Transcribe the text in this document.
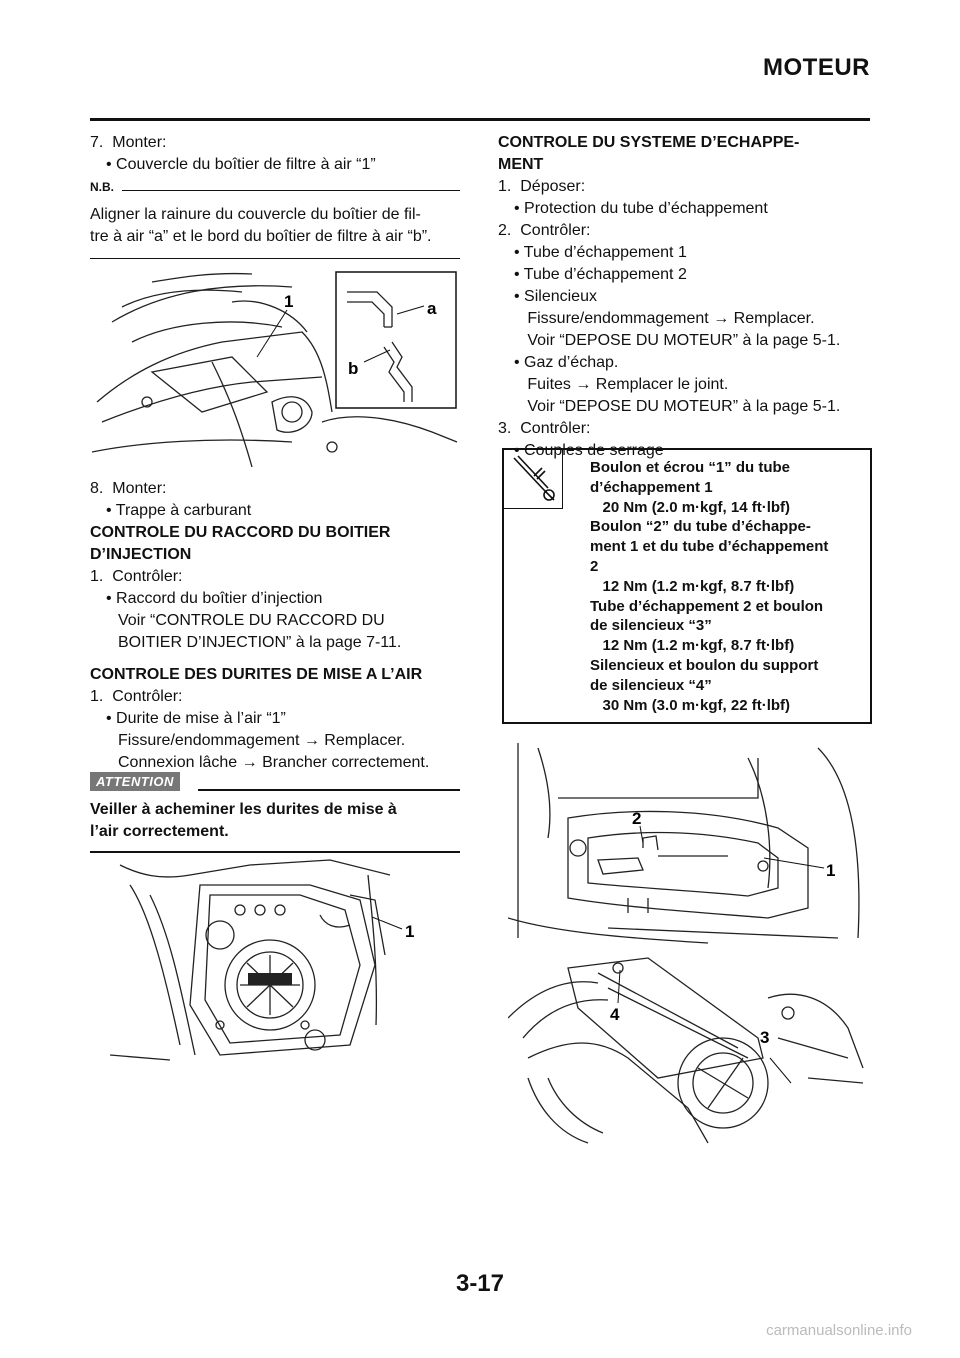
MOTEUR
7.  Monter:
• Couvercle du boîtier de filtre à air “1”
N.B.
Aligner la rainure du couvercle du boîtier de fil-
tre à air “a” et le bord du boîtier de filtre à air “b”.
1	a
b
8.  Monter:
• Trappe à carburant
CONTROLE DU RACCORD DU BOITIER
D’INJECTION
1.  Contrôler:
• Raccord du boîtier d’injection
Voir “CONTROLE DU RACCORD DU
BOITIER D’INJECTION” à la page 7-11.
CONTROLE DES DURITES DE MISE A L’AIR
1.  Contrôler:
• Durite de mise à l’air “1”
Fissure/endommagement → Remplacer.
Connexion lâche → Brancher correctement.
ATTENTION
Veiller à acheminer les durites de mise à
l’air correctement.
1
CONTROLE DU SYSTEME D’ECHAPPE-
MENT
1.  Déposer:
• Protection du tube d’échappement
2.  Contrôler:
• Tube d’échappement 1
• Tube d’échappement 2
• Silencieux
Fissure/endommagement → Remplacer.
Voir “DEPOSE DU MOTEUR” à la page 5-1.
• Gaz d’échap.
Fuites → Remplacer le joint.
Voir “DEPOSE DU MOTEUR” à la page 5-1.
3.  Contrôler:
• Couples de serrage
Boulon et écrou “1” du tube
d’échappement 1
20 Nm (2.0 m·kgf, 14 ft·lbf)
Boulon “2” du tube d’échappe-
ment 1 et du tube d’échappement
2
12 Nm (1.2 m·kgf, 8.7 ft·lbf)
Tube d’échappement 2 et boulon
de silencieux “3”
12 Nm (1.2 m·kgf, 8.7 ft·lbf)
Silencieux et boulon du support
de silencieux “4”
30 Nm (3.0 m·kgf, 22 ft·lbf)
2
1
3
4
3-17
carmanualsonline.info
